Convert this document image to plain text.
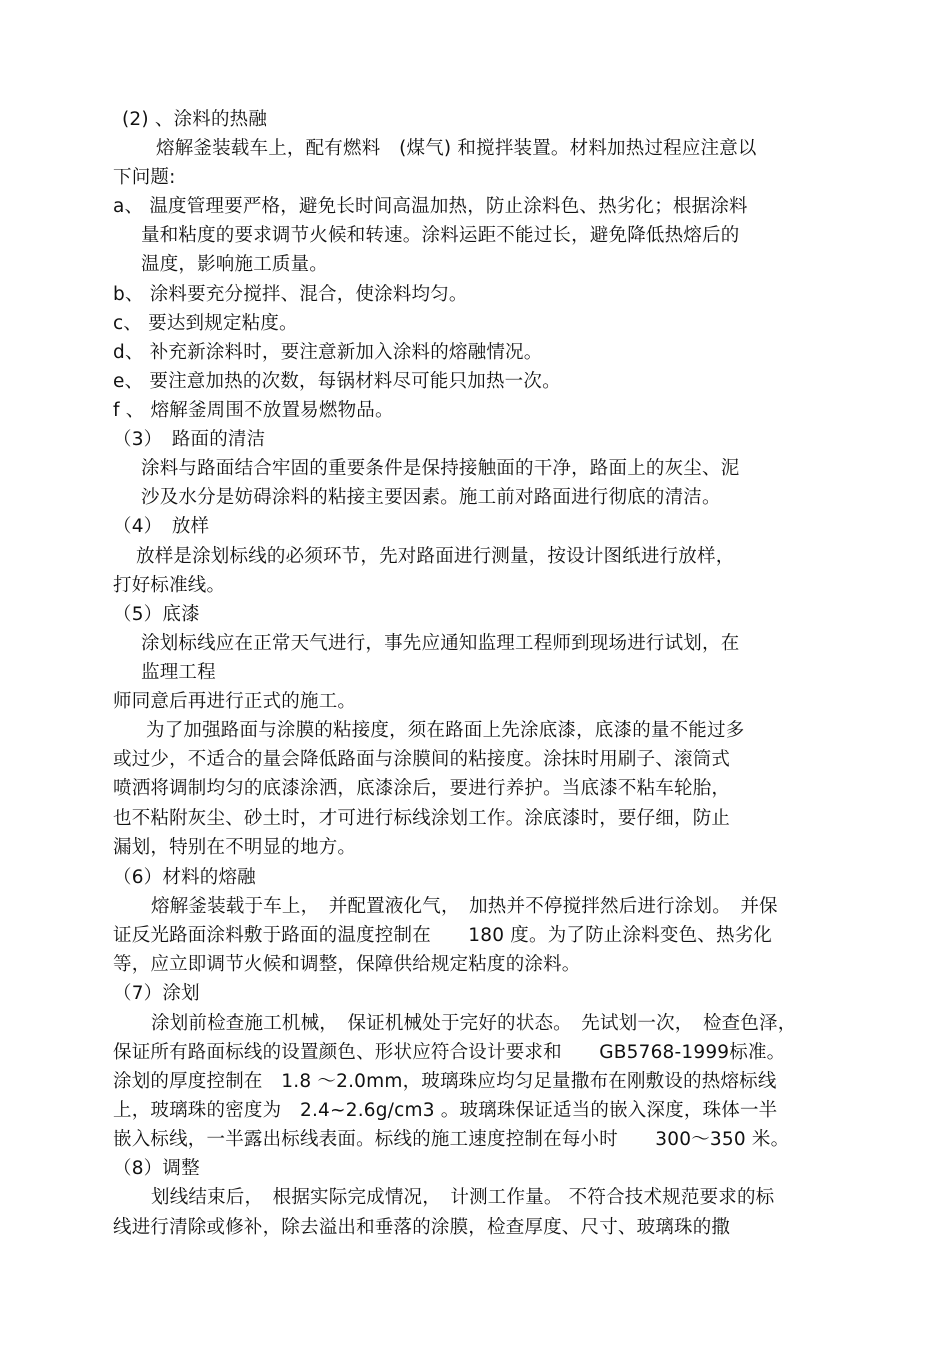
(2) 、涂料的热融
熔解釜装载车上，配有燃料　(煤气) 和搅拌装置。材料加热过程应注意以
下问题:
a、 温度管理要严格，避免长时间高温加热，防止涂料色、热劣化；根据涂料
量和粘度的要求调节火候和转速。涂料运距不能过长，避免降低热熔后的
温度，影响施工质量。
b、 涂料要充分搅拌、混合，使涂料均匀。
c、 要达到规定粘度。
d、 补充新涂料时，要注意新加入涂料的熔融情况。
e、 要注意加热的次数，每锅材料尽可能只加热一次。
f 、 熔解釜周围不放置易燃物品。
（3）　路面的清洁
涂料与路面结合牢固的重要条件是保持接触面的干净，路面上的灰尘、泥
沙及水分是妨碍涂料的粘接主要因素。施工前对路面进行彻底的清洁。
（4）　放样
放样是涂划标线的必须环节，先对路面进行测量，按设计图纸进行放样，
打好标准线。
（5）底漆
涂划标线应在正常天气进行，事先应通知监理工程师到现场进行试划，在
监理工程
师同意后再进行正式的施工。
为了加强路面与涂膜的粘接度，须在路面上先涂底漆，底漆的量不能过多
或过少，不适合的量会降低路面与涂膜间的粘接度。涂抹时用刷子、滚筒式
喷洒将调制均匀的底漆涂洒，底漆涂后，要进行养护。当底漆不粘车轮胎，
也不粘附灰尘、砂土时，才可进行标线涂划工作。涂底漆时，要仔细，防止
漏划，特别在不明显的地方。
（6）材料的熔融
熔解釜装载于车上，　并配置液化气，　加热并不停搅拌然后进行涂划。　并保
证反光路面涂料敷于路面的温度控制在　　180 度。为了防止涂料变色、热劣化
等，应立即调节火候和调整，保障供给规定粘度的涂料。
（7）涂划
涂划前检查施工机械，　保证机械处于完好的状态。　先试划一次，　检查色泽，
保证所有路面标线的设置颜色、形状应符合设计要求和　　GB5768-1999标准。
涂划的厚度控制在　1.8 ～2.0mm，玻璃珠应均匀足量撒布在刚敷设的热熔标线
上，玻璃珠的密度为　2.4~2.6g/cm3 。玻璃珠保证适当的嵌入深度，珠体一半
嵌入标线，一半露出标线表面。标线的施工速度控制在每小时　　300～350 米。
（8）调整
划线结束后，　根据实际完成情况，　计测工作量。 不符合技术规范要求的标
线进行清除或修补，除去溢出和垂落的涂膜，检查厚度、尺寸、玻璃珠的撒
